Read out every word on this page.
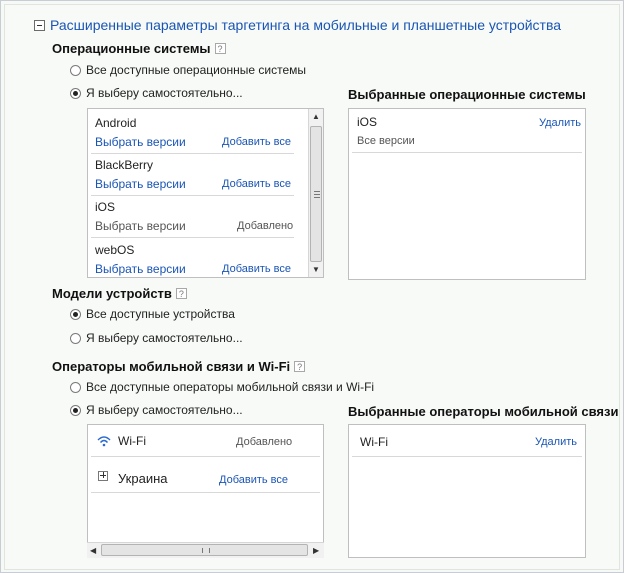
Расширенные параметры таргетинга на мобильные и планшетные устройства
Операционные системы ?
Все доступные операционные системы
Я выберу самостоятельно...	Выбранные операционные системы
Android
Выбрать версии	Добавить все
BlackBerry
Выбрать версии	Добавить все
iOS
Выбрать версии	Добавлено
webOS
Выбрать версии	Добавить все
▲
▼
iOS	Удалить
Все версии
Модели устройств ?
Все доступные устройства
Я выберу самостоятельно...
Операторы мобильной связи и Wi-Fi ?
Все доступные операторы мобильной связи и Wi-Fi
Я выберу самостоятельно...	Выбранные операторы мобильной связи
Wi-Fi	Добавлено
Украина	Добавить все
◀	▶
Wi-Fi	Удалить
